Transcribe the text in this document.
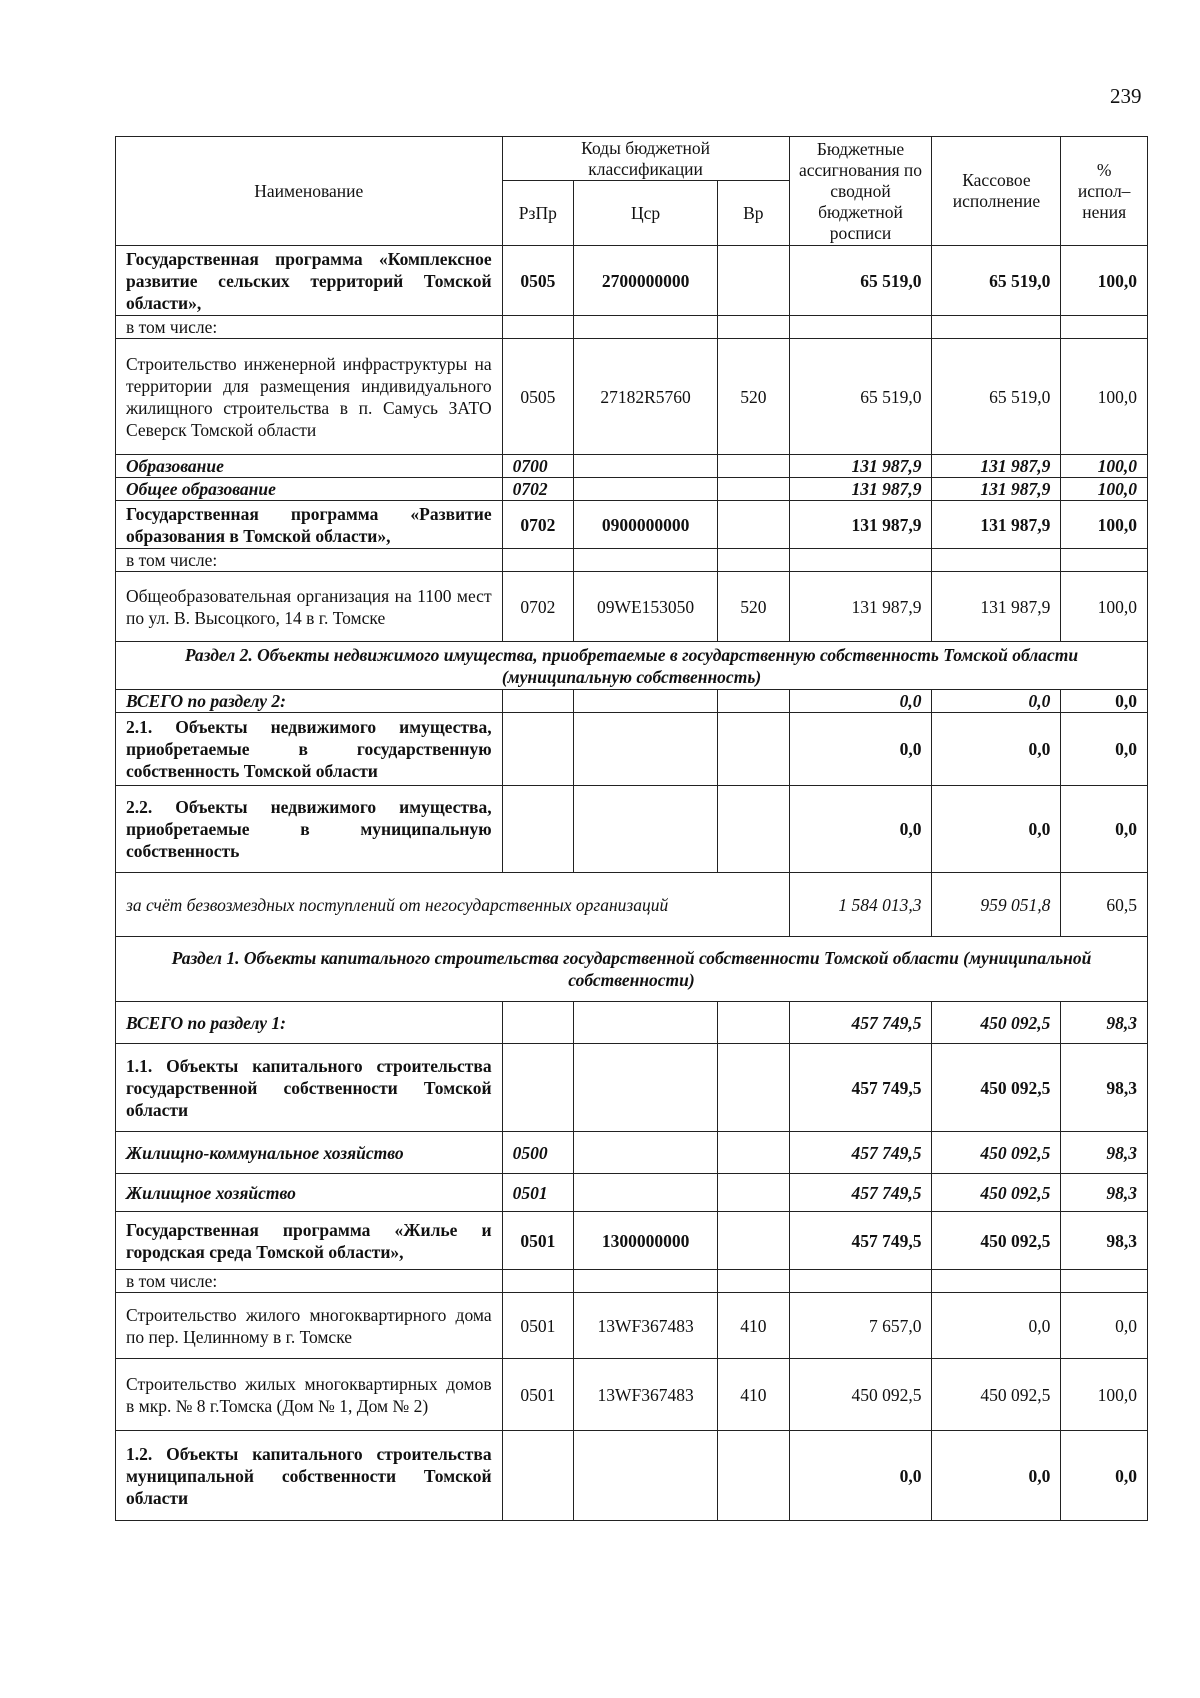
239
Наименование	Коды бюджетной классификации			Бюджетные ассигнования по сводной бюджетной росписи	Кассовое исполнение	% испол–нения
	РзПр	Цср	Вр			
Государственная программа «Комплексное развитие сельских территорий Томской области»,	0505	2700000000		65 519,0	65 519,0	100,0
в том числе:						
Строительство инженерной инфраструктуры на территории для размещения индивидуального жилищного строительства в п. Самусь ЗАТО Северск Томской области	0505	27182R5760	520	65 519,0	65 519,0	100,0
Образование	0700			131 987,9	131 987,9	100,0
Общее образование	0702			131 987,9	131 987,9	100,0
Государственная программа «Развитие образования в Томской области»,	0702	0900000000		131 987,9	131 987,9	100,0
в том числе:						
Общеобразовательная организация на 1100 мест по ул. В. Высоцкого, 14 в г. Томске	0702	09WE153050	520	131 987,9	131 987,9	100,0
Раздел 2. Объекты недвижимого имущества, приобретаемые в государственную собственность Томской области (муниципальную собственность)						
ВСЕГО по разделу 2:				0,0	0,0	0,0
2.1. Объекты недвижимого имущества, приобретаемые в государственную собственность Томской области				0,0	0,0	0,0
2.2. Объекты недвижимого имущества, приобретаемые в муниципальную собственность				0,0	0,0	0,0
за счёт безвозмездных поступлений от негосударственных организаций				1 584 013,3	959 051,8	60,5
Раздел 1. Объекты капитального строительства государственной собственности Томской области (муниципальной собственности)						
ВСЕГО по разделу 1:				457 749,5	450 092,5	98,3
1.1. Объекты капитального строительства государственной собственности Томской области				457 749,5	450 092,5	98,3
Жилищно-коммунальное хозяйство	0500			457 749,5	450 092,5	98,3
Жилищное хозяйство	0501			457 749,5	450 092,5	98,3
Государственная программа «Жилье и городская среда Томской области»,	0501	1300000000		457 749,5	450 092,5	98,3
в том числе:						
Строительство жилого многоквартирного дома по пер. Целинному в г. Томске	0501	13WF367483	410	7 657,0	0,0	0,0
Строительство жилых многоквартирных домов в мкр. № 8 г.Томска (Дом № 1, Дом № 2)	0501	13WF367483	410	450 092,5	450 092,5	100,0
1.2. Объекты капитального строительства муниципальной собственности Томской области				0,0	0,0	0,0
